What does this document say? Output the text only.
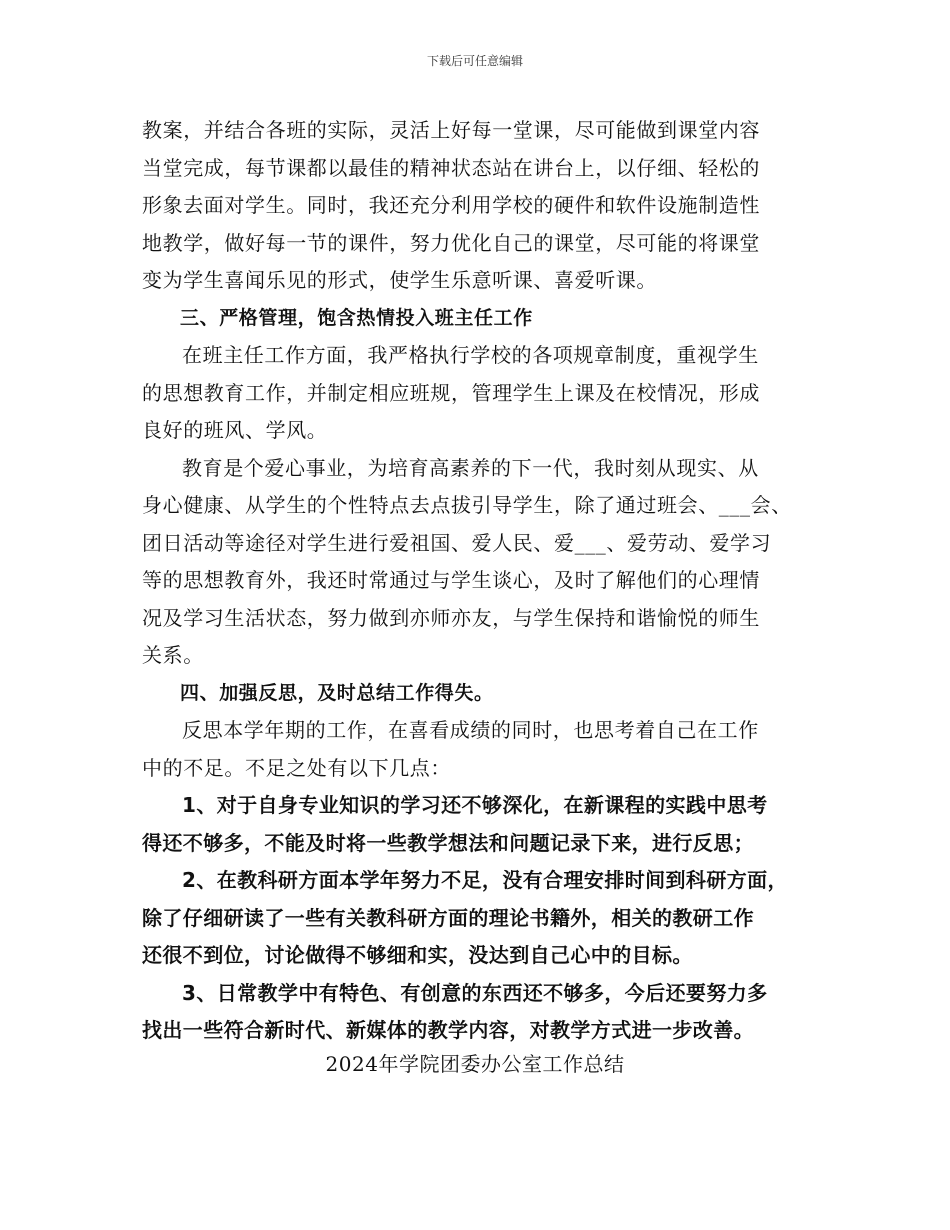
下载后可任意编辑
教案，并结合各班的实际，灵活上好每一堂课，尽可能做到课堂内容
当堂完成，每节课都以最佳的精神状态站在讲台上，以仔细、轻松的
形象去面对学生。同时，我还充分利用学校的硬件和软件设施制造性
地教学，做好每一节的课件，努力优化自己的课堂，尽可能的将课堂
变为学生喜闻乐见的形式，使学生乐意听课、喜爱听课。
三、严格管理，饱含热情投入班主任工作
在班主任工作方面，我严格执行学校的各项规章制度，重视学生
的思想教育工作，并制定相应班规，管理学生上课及在校情况，形成
良好的班风、学风。
教育是个爱心事业，为培育高素养的下一代，我时刻从现实、从
身心健康、从学生的个性特点去点拔引导学生，除了通过班会、___会、
团日活动等途径对学生进行爱祖国、爱人民、爱___、爱劳动、爱学习
等的思想教育外，我还时常通过与学生谈心，及时了解他们的心理情
况及学习生活状态，努力做到亦师亦友，与学生保持和谐愉悦的师生
关系。
四、加强反思，及时总结工作得失。
反思本学年期的工作，在喜看成绩的同时，也思考着自己在工作
中的不足。不足之处有以下几点：
1、对于自身专业知识的学习还不够深化，在新课程的实践中思考
得还不够多，不能及时将一些教学想法和问题记录下来，进行反思；
2、在教科研方面本学年努力不足，没有合理安排时间到科研方面，
除了仔细研读了一些有关教科研方面的理论书籍外，相关的教研工作
还很不到位，讨论做得不够细和实，没达到自己心中的目标。
3、日常教学中有特色、有创意的东西还不够多，今后还要努力多
找出一些符合新时代、新媒体的教学内容，对教学方式进一步改善。
2024年学院团委办公室工作总结
